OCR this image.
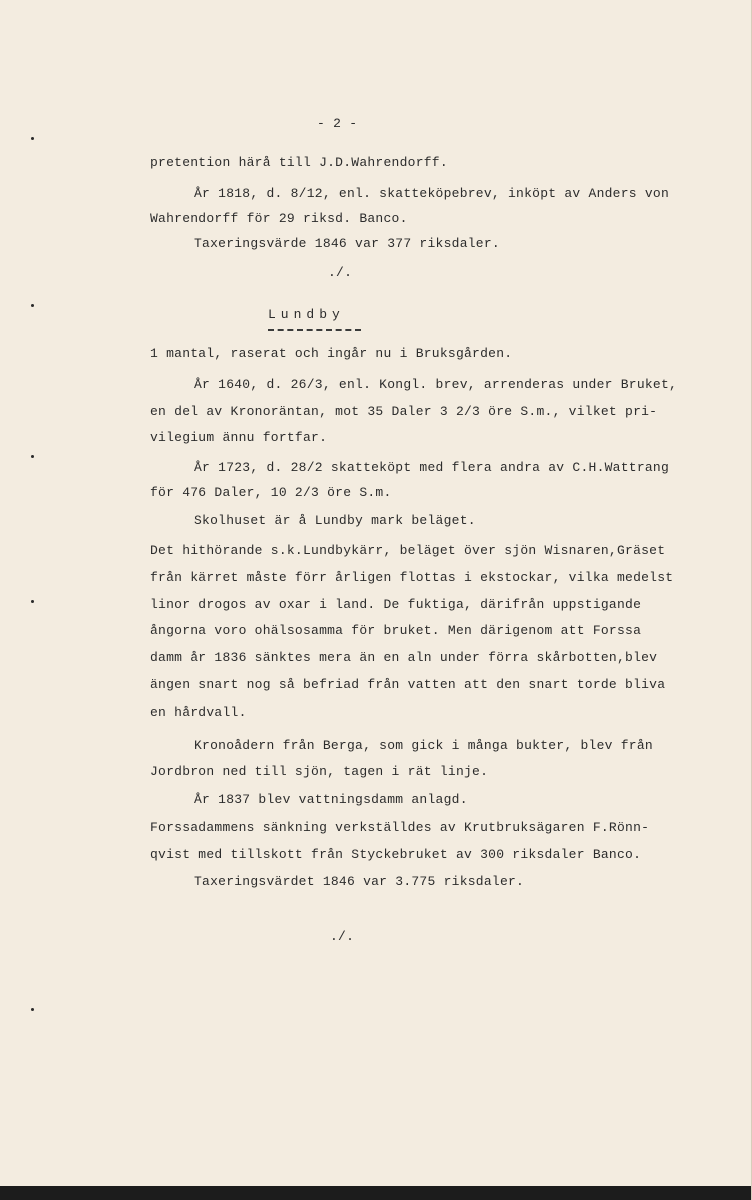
- 2 -

pretention härå till J.D.Wahrendorff.

År 1818, d. 8/12, enl. skatteköpebrev, inköpt av Anders von

Wahrendorff för 29 riksd. Banco.

Taxeringsvärde 1846 var 377 riksdaler.

./.

Lundby

1 mantal, raserat och ingår nu i Bruksgården.

År 1640, d. 26/3, enl. Kongl. brev, arrenderas under Bruket,

en del av Kronoräntan, mot 35 Daler 3 2/3 öre S.m., vilket pri-

vilegium ännu fortfar.

År 1723, d. 28/2 skatteköpt med flera andra av C.H.Wattrang

för 476 Daler, 10 2/3 öre S.m.

Skolhuset är å Lundby mark beläget.

Det hithörande s.k.Lundbykärr, beläget över sjön Wisnaren,Gräset

från kärret måste förr årligen flottas i ekstockar, vilka medelst

linor drogos av oxar i land. De fuktiga, därifrån uppstigande

ångorna voro ohälsosamma för bruket. Men därigenom att Forssa

damm år 1836 sänktes mera än en aln under förra skårbotten,blev

ängen snart nog så befriad från vatten att den snart torde bliva

en hårdvall.

Kronoådern från Berga, som gick i många bukter, blev från

Jordbron ned till sjön, tagen i rät linje.

År 1837 blev vattningsdamm anlagd.

Forssadammens sänkning verkställdes av Krutbruksägaren F.Rönn-

qvist med tillskott från Styckebruket av 300 riksdaler Banco.

Taxeringsvärdet 1846 var 3.775 riksdaler.

./.
